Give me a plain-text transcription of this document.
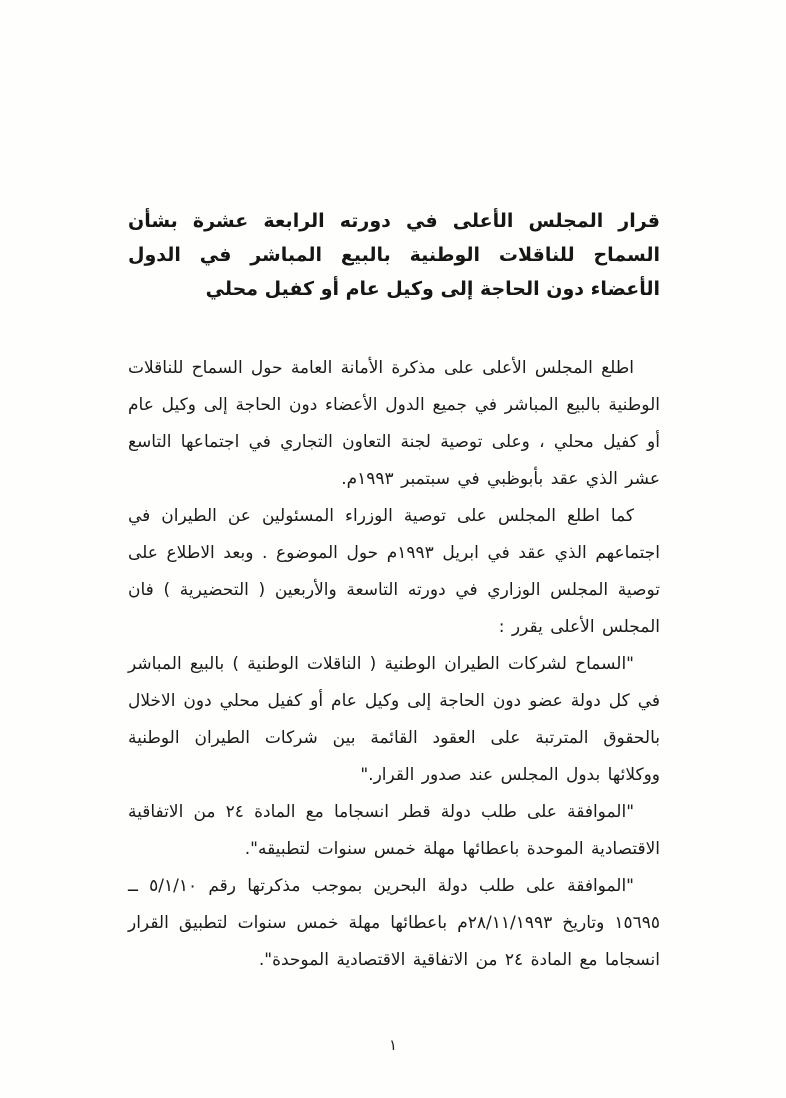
قرار المجلس الأعلى في دورته الرابعة عشرة بشأن السماح للناقلات الوطنية بالبيع المباشر في الدول الأعضاء دون الحاجة إلى وكيل عام أو كفيل محلي

اطلع المجلس الأعلى على مذكرة الأمانة العامة حول السماح للناقلات الوطنية بالبيع المباشر في جميع الدول الأعضاء دون الحاجة إلى وكيل عام أو كفيل محلي ، وعلى توصية لجنة التعاون التجاري في اجتماعها التاسع عشر الذي عقد بأبوظبي في سبتمبر ١٩٩٣م.

كما اطلع المجلس على توصية الوزراء المسئولين عن الطيران في اجتماعهم الذي عقد في ابريل ١٩٩٣م حول الموضوع . وبعد الاطلاع على توصية المجلس الوزاري في دورته التاسعة والأربعين ( التحضيرية ) فان المجلس الأعلى يقرر :

"السماح لشركات الطيران الوطنية ( الناقلات الوطنية ) بالبيع المباشر في كل دولة عضو دون الحاجة إلى وكيل عام أو كفيل محلي دون الاخلال بالحقوق المترتبة على العقود القائمة بين شركات الطيران الوطنية ووكلائها بدول المجلس عند صدور القرار."

"الموافقة على طلب دولة قطر انسجاما مع المادة ٢٤ من الاتفاقية الاقتصادية الموحدة باعطائها مهلة خمس سنوات لتطبيقه".

"الموافقة على طلب دولة البحرين بموجب مذكرتها رقم ٥/١/١٠ ــ ١٥٦٩٥ وتاريخ ٢٨/١١/١٩٩٣م باعطائها مهلة خمس سنوات لتطبيق القرار انسجاما مع المادة ٢٤ من الاتفاقية الاقتصادية الموحدة".

١
